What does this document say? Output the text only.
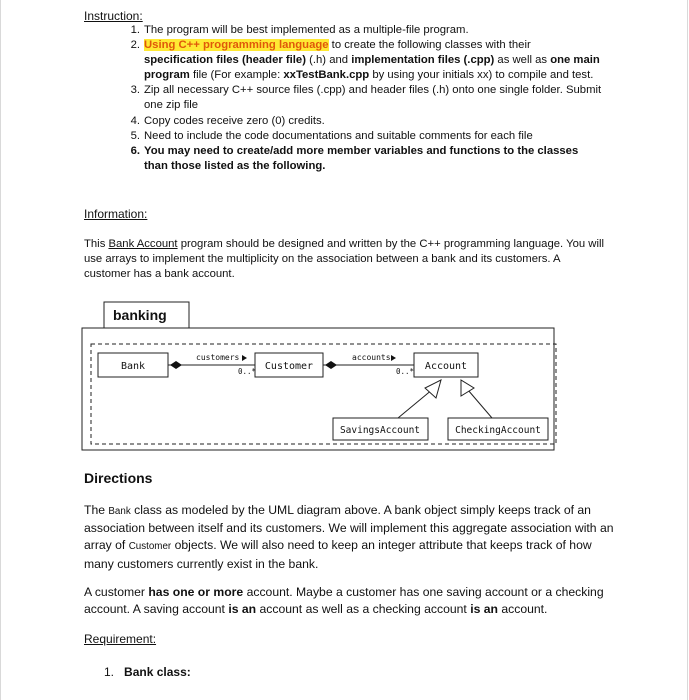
Instruction:
1. The program will be best implemented as a multiple-file program.
2. Using C++ programming language to create the following classes with their specification files (header file) (.h) and implementation files (.cpp) as well as one main program file (For example: xxTestBank.cpp by using your initials xx) to compile and test.
3. Zip all necessary C++ source files (.cpp) and header files (.h) onto one single folder. Submit one zip file
4. Copy codes receive zero (0) credits.
5. Need to include the code documentations and suitable comments for each file
6. You may need to create/add more member variables and functions to the classes than those listed as the following.
Information:
This Bank Account program should be designed and written by the C++ programming language. You will use arrays to implement the multiplicity on the association between a bank and its customers. A customer has a bank account.
banking
Bank	Customer	Account
SavingsAccount	CheckingAccount
customers
0..*
accounts
0..*
Directions
The Bank class as modeled by the UML diagram above. A bank object simply keeps track of an association between itself and its customers. We will implement this aggregate association with an array of Customer objects. We will also need to keep an integer attribute that keeps track of how many customers currently exist in the bank.
A customer has one or more account. Maybe a customer has one saving account or a checking account. A saving account is an account as well as a checking account is an account.
Requirement:
1. Bank class:
